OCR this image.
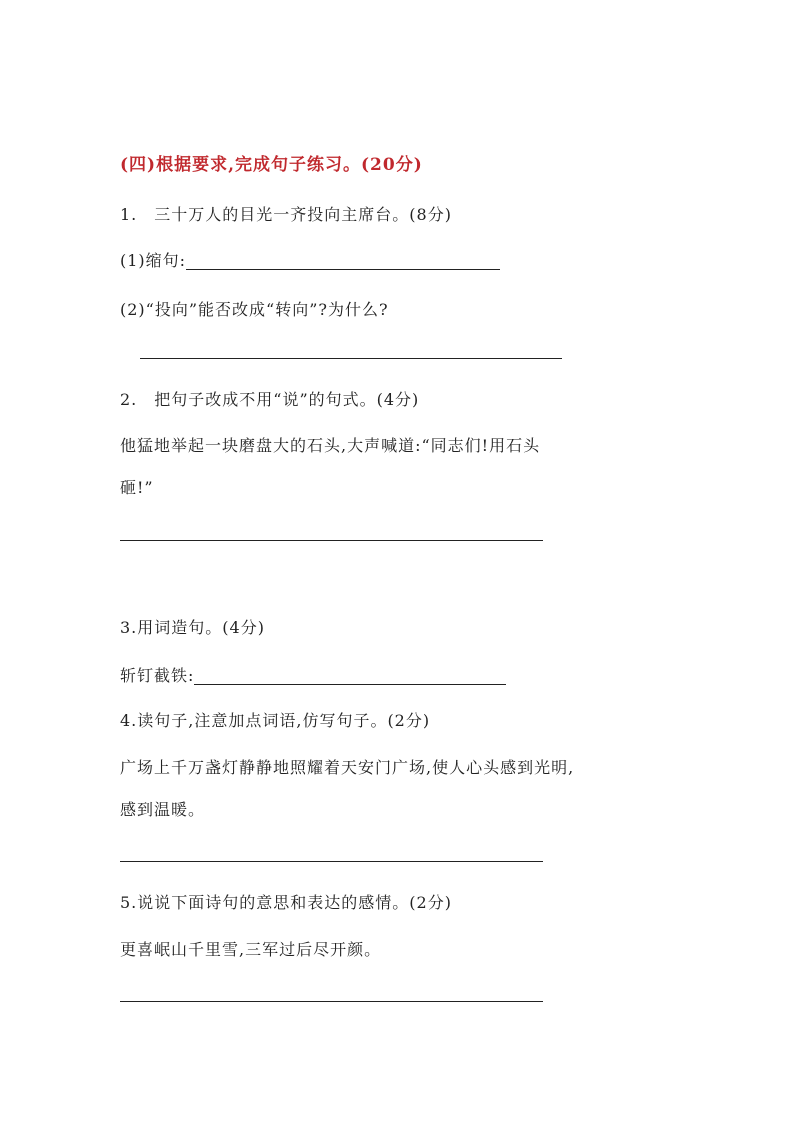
(四)根据要求,完成句子练习。(20分)
1.　三十万人的目光一齐投向主席台。(8分)
(1)缩句:
(2)“投向”能否改成“转向”?为什么?
2.　把句子改成不用“说”的句式。(4分)
他猛地举起一块磨盘大的石头,大声喊道:“同志们!用石头
砸!”
3.用词造句。(4分)
斩钉截铁:
4.读句子,注意加点词语,仿写句子。(2分)
广场上千万盏灯静静地照耀着天安门广场,使人心头感到光明,
感到温暖。
5.说说下面诗句的意思和表达的感情。(2分)
更喜岷山千里雪,三军过后尽开颜。
